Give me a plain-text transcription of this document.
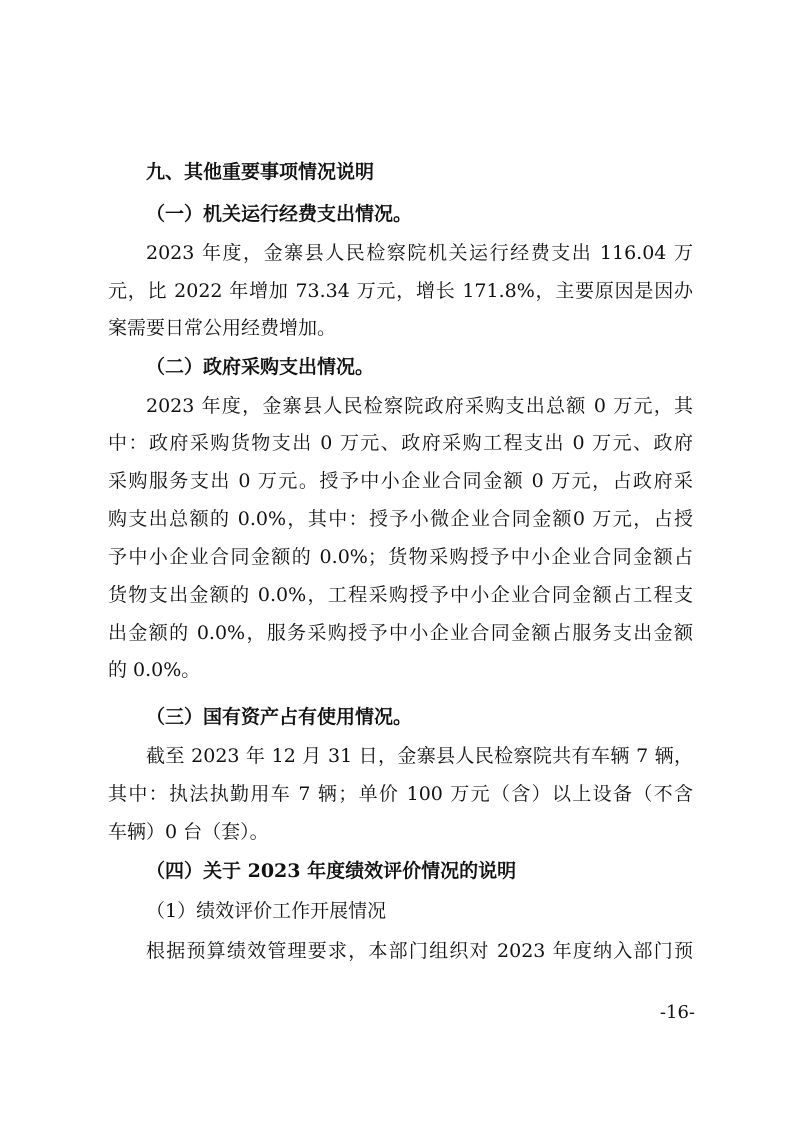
九、其他重要事项情况说明
（一）机关运行经费支出情况。
2023 年度，金寨县人民检察院机关运行经费支出 116.04 万
元，比 2022 年增加 73.34 万元，增长 171.8%，主要原因是因办
案需要日常公用经费增加。
（二）政府采购支出情况。
2023 年度，金寨县人民检察院政府采购支出总额 0 万元，其
中：政府采购货物支出 0 万元、政府采购工程支出 0 万元、政府
采购服务支出 0 万元。授予中小企业合同金额 0 万元，占政府采
购支出总额的 0.0%，其中：授予小微企业合同金额0 万元，占授
予中小企业合同金额的 0.0%；货物采购授予中小企业合同金额占
货物支出金额的 0.0%，工程采购授予中小企业合同金额占工程支
出金额的 0.0%，服务采购授予中小企业合同金额占服务支出金额
的 0.0%。
（三）国有资产占有使用情况。
截至 2023 年 12 月 31 日，金寨县人民检察院共有车辆 7 辆，
其中：执法执勤用车 7 辆；单价 100 万元（含）以上设备（不含
车辆）0 台（套）。
（四）关于 2023 年度绩效评价情况的说明
（1）绩效评价工作开展情况
根据预算绩效管理要求，本部门组织对 2023 年度纳入部门预
-16-
